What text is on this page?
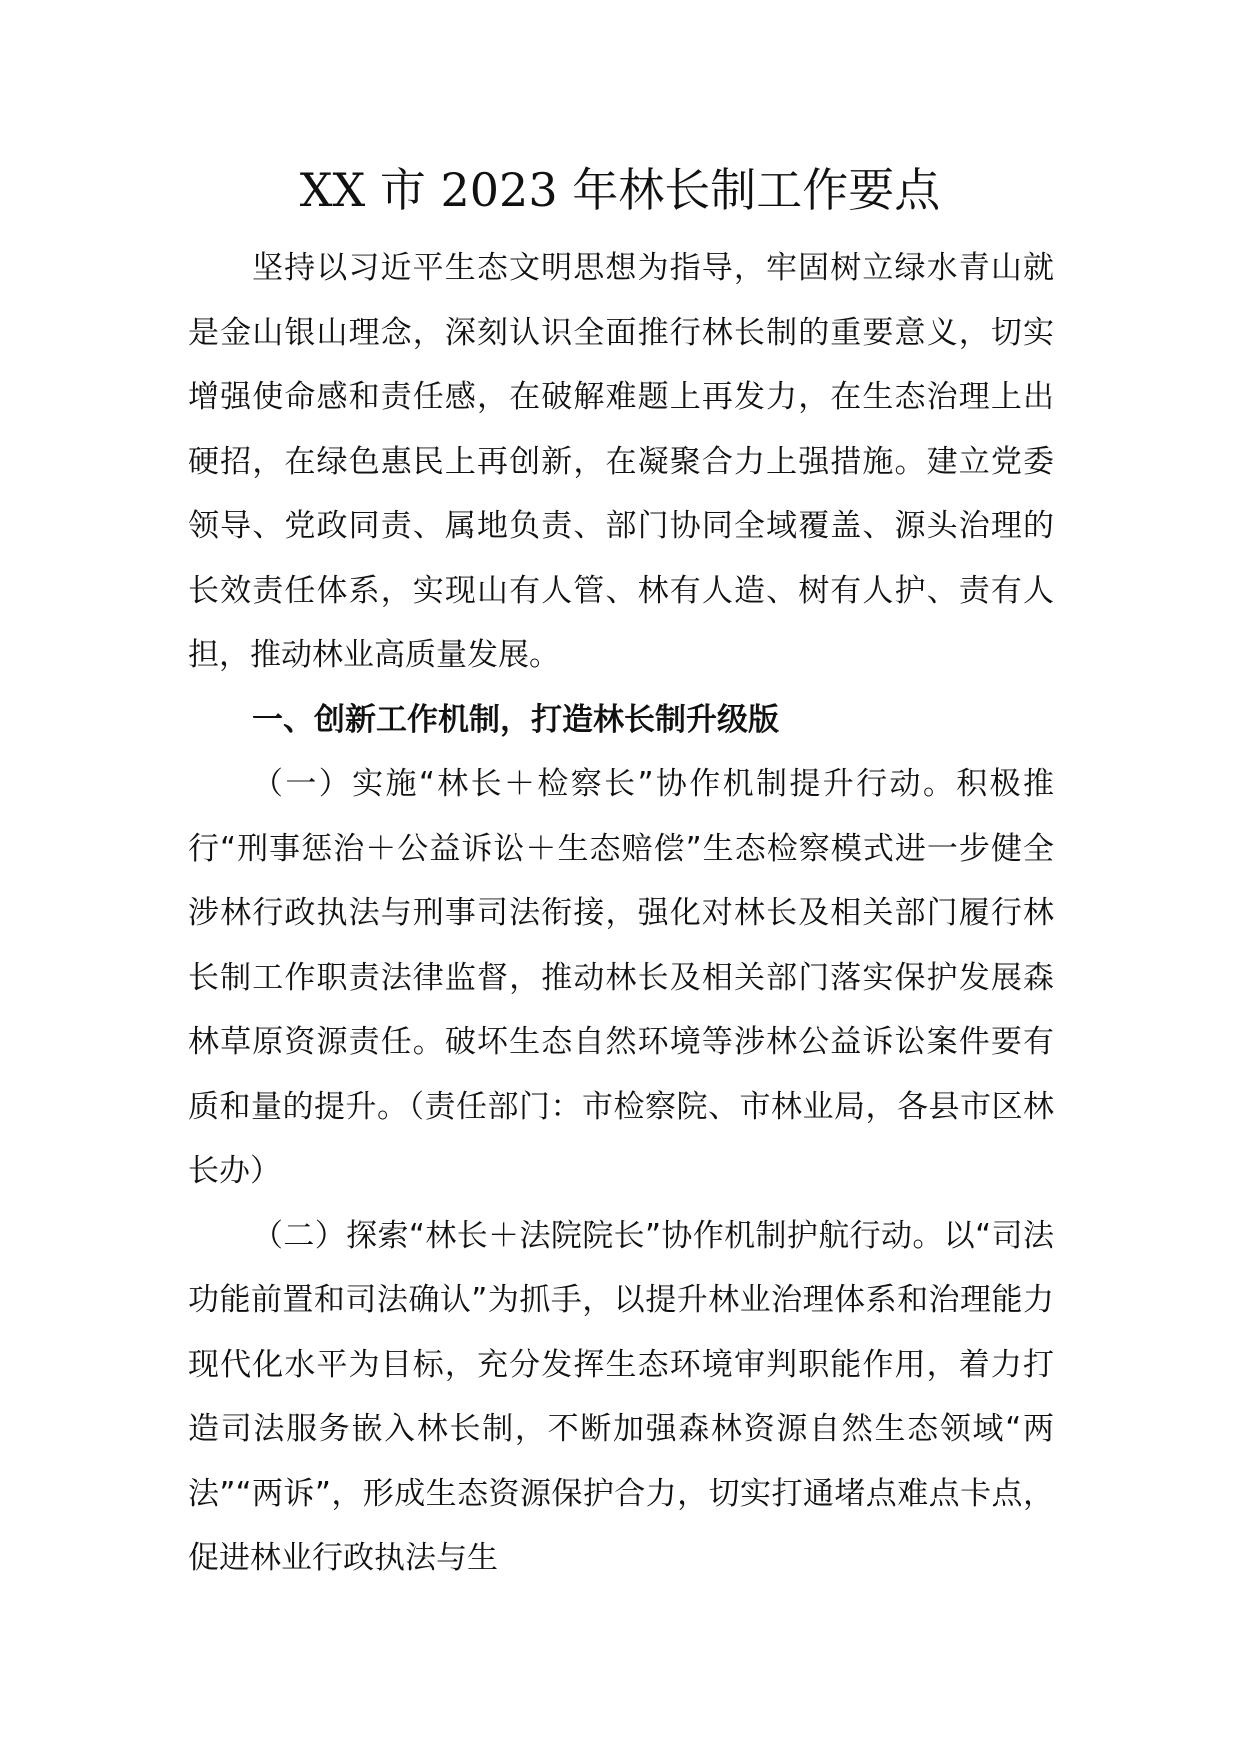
XX 市 2023 年林长制工作要点

坚持以习近平生态文明思想为指导，牢固树立绿水青山就是金山银山理念，深刻认识全面推行林长制的重要意义，切实增强使命感和责任感，在破解难题上再发力，在生态治理上出硬招，在绿色惠民上再创新，在凝聚合力上强措施。建立党委领导、党政同责、属地负责、部门协同全域覆盖、源头治理的长效责任体系，实现山有人管、林有人造、树有人护、责有人担，推动林业高质量发展。

一、创新工作机制，打造林长制升级版

（一）实施“林长＋检察长”协作机制提升行动。积极推行“刑事惩治＋公益诉讼＋生态赔偿”生态检察模式进一步健全涉林行政执法与刑事司法衔接，强化对林长及相关部门履行林长制工作职责法律监督，推动林长及相关部门落实保护发展森林草原资源责任。破坏生态自然环境等涉林公益诉讼案件要有质和量的提升。（责任部门：市检察院、市林业局，各县市区林长办）

（二）探索“林长＋法院院长”协作机制护航行动。以“司法功能前置和司法确认”为抓手，以提升林业治理体系和治理能力现代化水平为目标，充分发挥生态环境审判职能作用，着力打造司法服务嵌入林长制，不断加强森林资源自然生态领域“两法”“两诉”，形成生态资源保护合力，切实打通堵点难点卡点，促进林业行政执法与生
